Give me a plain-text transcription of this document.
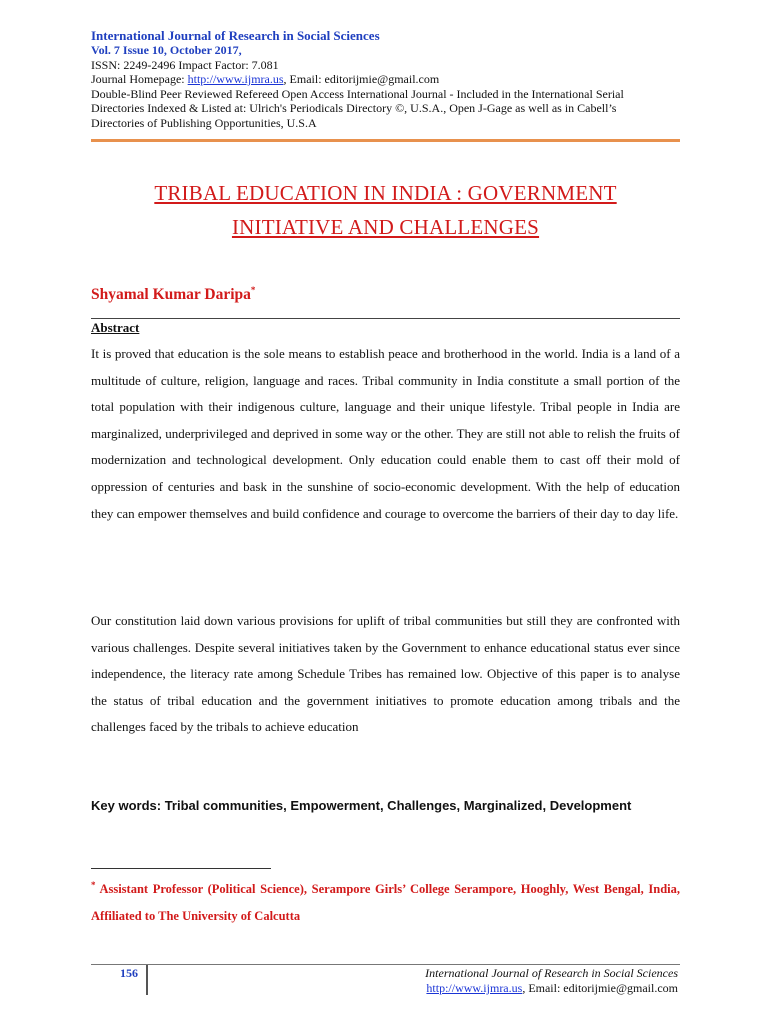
International Journal of Research in Social Sciences
Vol. 7 Issue 10, October 2017,
ISSN: 2249-2496 Impact Factor: 7.081
Journal Homepage: http://www.ijmra.us, Email: editorijmie@gmail.com
Double-Blind Peer Reviewed Refereed Open Access International Journal - Included in the International Serial
Directories Indexed & Listed at: Ulrich's Periodicals Directory ©, U.S.A., Open J-Gage as well as in Cabell’s
Directories of Publishing Opportunities, U.S.A
TRIBAL EDUCATION IN INDIA : GOVERNMENT
INITIATIVE AND CHALLENGES
Shyamal Kumar Daripa*
Abstract
It is proved that education is the sole means to establish peace and brotherhood in the world. India is a land of a multitude of culture, religion, language and races. Tribal community in India constitute a small portion of the total population with their indigenous culture, language and their unique lifestyle. Tribal people in India are marginalized, underprivileged and deprived in some way or the other. They are still not able to relish the fruits of modernization and technological development. Only education could enable them to cast off their mold of oppression of centuries and bask in the sunshine of socio-economic development. With the help of education they can empower themselves and build confidence and courage to overcome the barriers of their day to day life.
Our constitution laid down various provisions for uplift of tribal communities but still they are confronted with various challenges. Despite several initiatives taken by the Government to enhance educational status ever since independence, the literacy rate among Schedule Tribes has remained low. Objective of this paper is to analyse the status of tribal education and the government initiatives to promote education among tribals and the challenges faced by the tribals to achieve education
Key words: Tribal communities, Empowerment, Challenges, Marginalized, Development
* Assistant Professor (Political Science), Serampore Girls’ College Serampore, Hooghly, West Bengal, India, Affiliated to The University of Calcutta
156	International Journal of Research in Social Sciences
http://www.ijmra.us, Email: editorijmie@gmail.com
